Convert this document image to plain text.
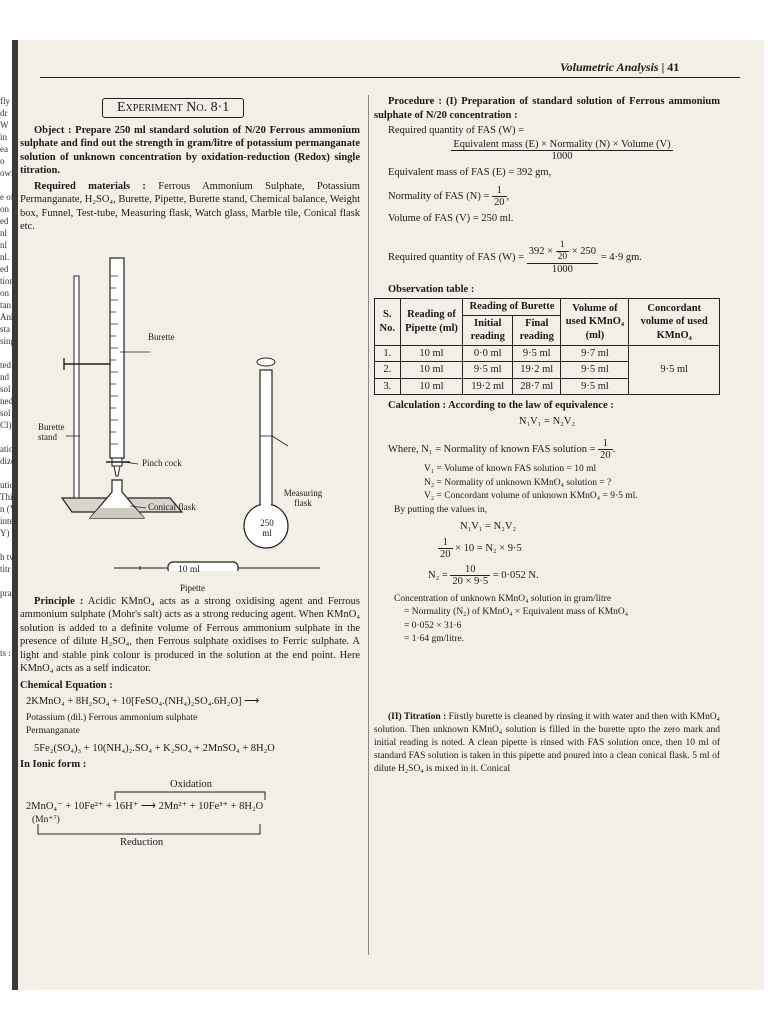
fly
dr
W
in
ea
o
owi

e of
on
ed
nl
nl
nl.
ed
tion
on
tan
Anh
sta
sing

ted
nd
sol
ned
sol
Cl)

ation
dize

utio
Thi
n (Y
inter
Y) i

h tw
titr

prac

ts :
Volumetric Analysis | 41
Experiment No. 8·1

Object : Prepare 250 ml standard solution of N/20 Ferrous ammonium sulphate and find out the strength in gram/litre of potassium permanganate solution of unknown concentration by oxidation-reduction (Redox) single titration.

Required materials : Ferrous Ammonium Sulphate, Potassium Permanganate, H₂SO₄, Burette, Pipette, Burette stand, Chemical balance, Weight box, Funnel, Test-tube, Measuring flask, Watch glass, Marble tile, Conical flask etc.

Burette
Burette stand
Pinch cock
Conical flask
Measuring flask
250
ml
10 ml
Pipette

Principle : Acidic KMnO₄ acts as a strong oxidising agent and Ferrous ammonium sulphate (Mohr's salt) acts as a strong reducing agent. When KMnO₄ solution is added to a definite volume of Ferrous ammonium sulphate in the presence of dilute H₂SO₄, then Ferrous sulphate oxidises to Ferric sulphate. A light and stable pink colour is produced in the solution at the end point. Here KMnO₄ acts as a self indicator.

Chemical Equation :

2KMnO₄ + 8H₂SO₄ + 10[FeSO₄.(NH₄)₂SO₄.6H₂O] ⟶
Potassium (dil.) Ferrous ammonium sulphate
Permanganate
5Fe₂(SO₄)₃ + 10(NH₄)₂.SO₄ + K₂SO₄ + 2MnSO₄ + 8H₂O

In Ionic form :

Oxidation
2MnO₄⁻ + 10Fe²⁺ + 16H⁺ ⟶ 2Mn²⁺ + 10Fe³⁺ + 8H₂O
(Mn⁺⁷)
Reduction

Procedure : (I) Preparation of standard solution of Ferrous ammonium sulphate of N/20 concentration :

Required quantity of FAS (W) =
$\frac{\text{Equivalent mass (E) × Normality (N) × Volume (V)}}{1000}$
Equivalent mass of FAS (E) = 392 gm,
Normality of FAS $(N) = \frac{1}{20}$ ,
Volume of FAS (V) = 250 ml.
Required quantity of FAS $(W) = \frac{392 \times \frac{1}{20} \times 250}{1000} = 4\cdot 9$ gm.

Observation table :

S. No.	Reading of Pipette (ml)	Reading of Burette		Volume of used KMnO₄ (ml)	Concordant volume of used KMnO₄
		Initial reading	Final reading		
1.	10 ml	0·0 ml	9·5 ml	9·7 ml	9·5 ml
2.	10 ml	9·5 ml	19·2 ml	9·5 ml	
3.	10 ml	19·2 ml	28·7 ml	9·5 ml	

Calculation : According to the law of equivalence :

N₁V₁ = N₂V₂
Where, N₁ = Normality of known FAS solution = $\frac{1}{20}$ .
V₁ = Volume of known FAS solution = 10 ml
N₂ = Normality of unknown KMnO₄ solution = ?
V₂ = Concordant volume of unknown KMnO₄ = 9·5 ml.
By putting the values in,
N₁V₁ = N₂V₂
$\frac{1}{20} \times 10 = N_2 \times 9\cdot 5$
$N_2 = \frac{10}{20 \times 9\cdot 5} = 0\cdot 052$ N.
Concentration of unknown KMnO₄ solution in gram/litre
= Normality (N₂) of KMnO₄ × Equivalent mass of KMnO₄
= 0·052 × 31·6
= 1·64 gm/litre.

(II) Titration : Firstly burette is cleaned by rinsing it with water and then with KMnO₄ solution. Then unknown KMnO₄ solution is filled in the burette upto the zero mark and initial reading is noted. A clean pipette is rinsed with FAS solution once, then 10 ml of standard FAS solution is taken in this pipette and poured into a clean conical flask. 5 ml of dilute H₂SO₄ is mixed in it. Conical
